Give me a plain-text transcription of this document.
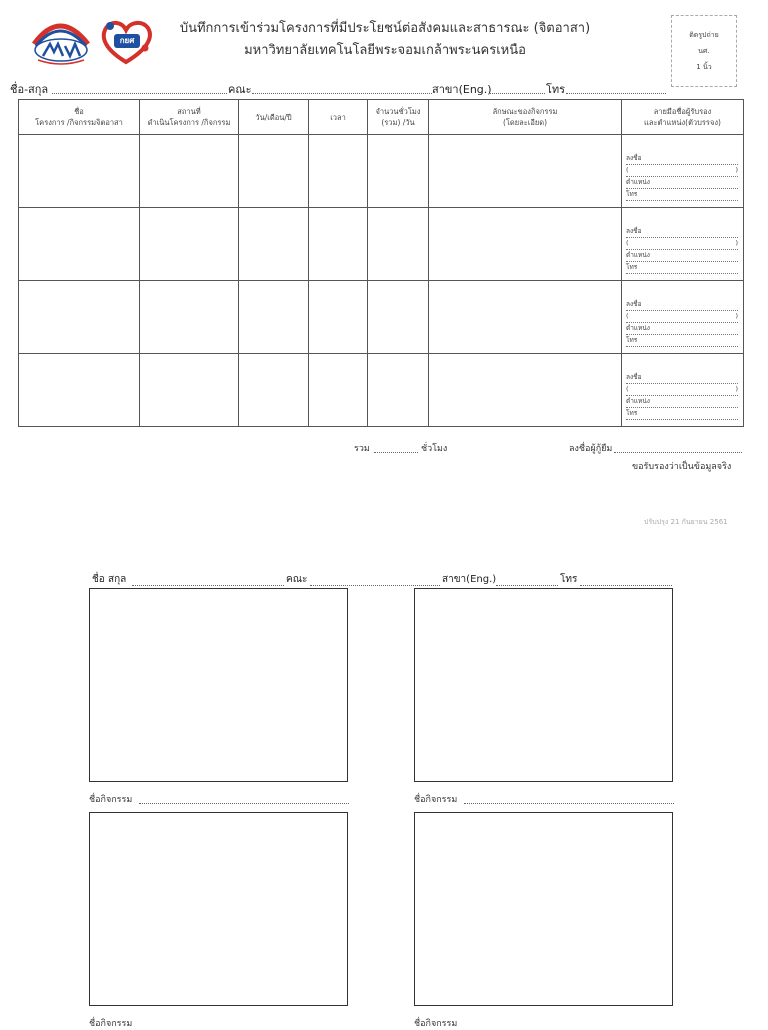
กยศ
บันทึกการเข้าร่วมโครงการที่มีประโยชน์ต่อสังคมและสาธารณะ (จิตอาสา)
มหาวิทยาลัยเทคโนโลยีพระจอมเกล้าพระนครเหนือ
ติดรูปถ่าย
นศ.
1 นิ้ว
ชื่อ-สกุล	คณะ	สาขา(Eng.)	โทร
ชื่อ
โครงการ /กิจกรรมจิตอาสา	สถานที่
ดำเนินโครงการ /กิจกรรม	วัน/เดือน/ปี	เวลา	จำนวนชั่วโมง
(รวม) /วัน	ลักษณะของกิจกรรม
(โดยละเอียด)	ลายมือชื่อผู้รับรอง
และตำแหน่ง(ตัวบรรจง)

						ลงชื่อ
( )
ตำแหน่ง
โทร

						ลงชื่อ
( )
ตำแหน่ง
โทร

						ลงชื่อ
( )
ตำแหน่ง
โทร

						ลงชื่อ
( )
ตำแหน่ง
โทร
รวม	ชั่วโมง	ลงชื่อผู้กู้ยืม
ขอรับรองว่าเป็นข้อมูลจริง
ปรับปรุง 21 กันยายน 2561
ชื่อ สกุล	คณะ	สาขา(Eng.)	โทร
ชื่อกิจกรรม	ชื่อกิจกรรม
ชื่อกิจกรรม	ชื่อกิจกรรม
